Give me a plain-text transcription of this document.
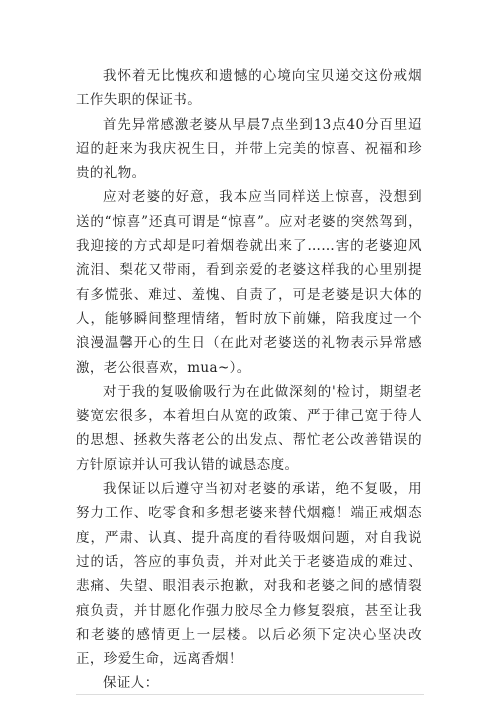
我怀着无比愧疚和遗憾的心境向宝贝递交这份戒烟工作失职的保证书。

首先异常感激老婆从早晨7点坐到13点40分百里迢迢的赶来为我庆祝生日，并带上完美的惊喜、祝福和珍贵的礼物。

应对老婆的好意，我本应当同样送上惊喜，没想到送的“惊喜”还真可谓是“惊喜”。应对老婆的突然驾到，我迎接的方式却是叼着烟卷就出来了……害的老婆迎风流泪、梨花又带雨，看到亲爱的老婆这样我的心里别提有多慌张、难过、羞愧、自责了，可是老婆是识大体的人，能够瞬间整理情绪，暂时放下前嫌，陪我度过一个浪漫温馨开心的生日（在此对老婆送的礼物表示异常感激，老公很喜欢，mua~）。

对于我的复吸偷吸行为在此做深刻的'检讨，期望老婆宽宏很多，本着坦白从宽的政策、严于律己宽于待人的思想、拯救失落老公的出发点、帮忙老公改善错误的方针原谅并认可我认错的诚恳态度。

我保证以后遵守当初对老婆的承诺，绝不复吸，用努力工作、吃零食和多想老婆来替代烟瘾！端正戒烟态度，严肃、认真、提升高度的看待吸烟问题，对自我说过的话，答应的事负责，并对此关于老婆造成的难过、悲痛、失望、眼泪表示抱歉，对我和老婆之间的感情裂痕负责，并甘愿化作强力胶尽全力修复裂痕，甚至让我和老婆的感情更上一层楼。以后必须下定决心坚决改正，珍爱生命，远离香烟！

保证人：
